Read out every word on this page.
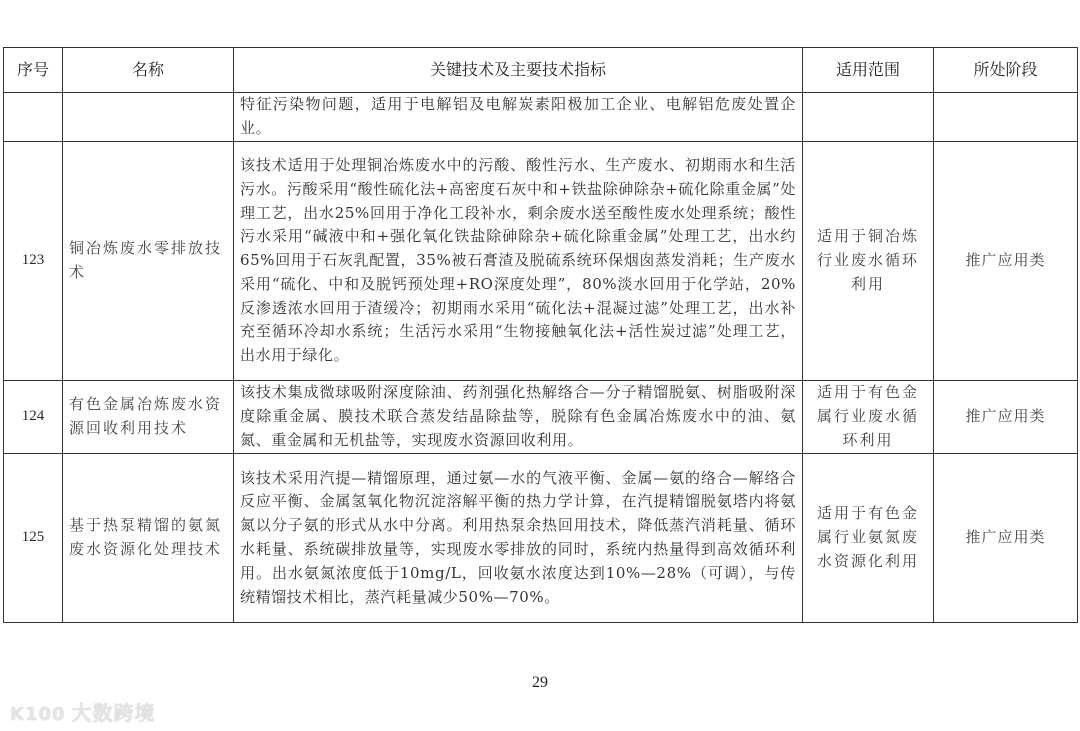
序号	名称	关键技术及主要技术指标	适用范围	所处阶段
		特征污染物问题，适用于电解铝及电解炭素阳极加工企业、电解铝危废处置企业。		
123	铜冶炼废水零排放技术	该技术适用于处理铜冶炼废水中的污酸、酸性污水、生产废水、初期雨水和生活污水。污酸采用“酸性硫化法+高密度石灰中和+铁盐除砷除杂+硫化除重金属”处理工艺，出水25%回用于净化工段补水，剩余废水送至酸性废水处理系统；酸性污水采用“碱液中和+强化氧化铁盐除砷除杂+硫化除重金属”处理工艺，出水约65%回用于石灰乳配置，35%被石膏渣及脱硫系统环保烟囱蒸发消耗；生产废水采用“硫化、中和及脱钙预处理+RO深度处理”，80%淡水回用于化学站，20%反渗透浓水回用于渣缓冷；初期雨水采用“硫化法+混凝过滤”处理工艺，出水补充至循环冷却水系统；生活污水采用“生物接触氧化法+活性炭过滤”处理工艺，出水用于绿化。	适用于铜冶炼行业废水循环利用	推广应用类
124	有色金属冶炼废水资源回收利用技术	该技术集成微球吸附深度除油、药剂强化热解络合—分子精馏脱氨、树脂吸附深度除重金属、膜技术联合蒸发结晶除盐等，脱除有色金属冶炼废水中的油、氨氮、重金属和无机盐等，实现废水资源回收利用。	适用于有色金属行业废水循环利用	推广应用类
125	基于热泵精馏的氨氮废水资源化处理技术	该技术采用汽提—精馏原理，通过氨—水的气液平衡、金属—氨的络合—解络合反应平衡、金属氢氧化物沉淀溶解平衡的热力学计算，在汽提精馏脱氨塔内将氨氮以分子氨的形式从水中分离。利用热泵余热回用技术，降低蒸汽消耗量、循环水耗量、系统碳排放量等，实现废水零排放的同时，系统内热量得到高效循环利用。出水氨氮浓度低于10mg/L，回收氨水浓度达到10%—28%（可调），与传统精馏技术相比，蒸汽耗量减少50%—70%。	适用于有色金属行业氨氮废水资源化利用	推广应用类
29
K100 大数跨境
